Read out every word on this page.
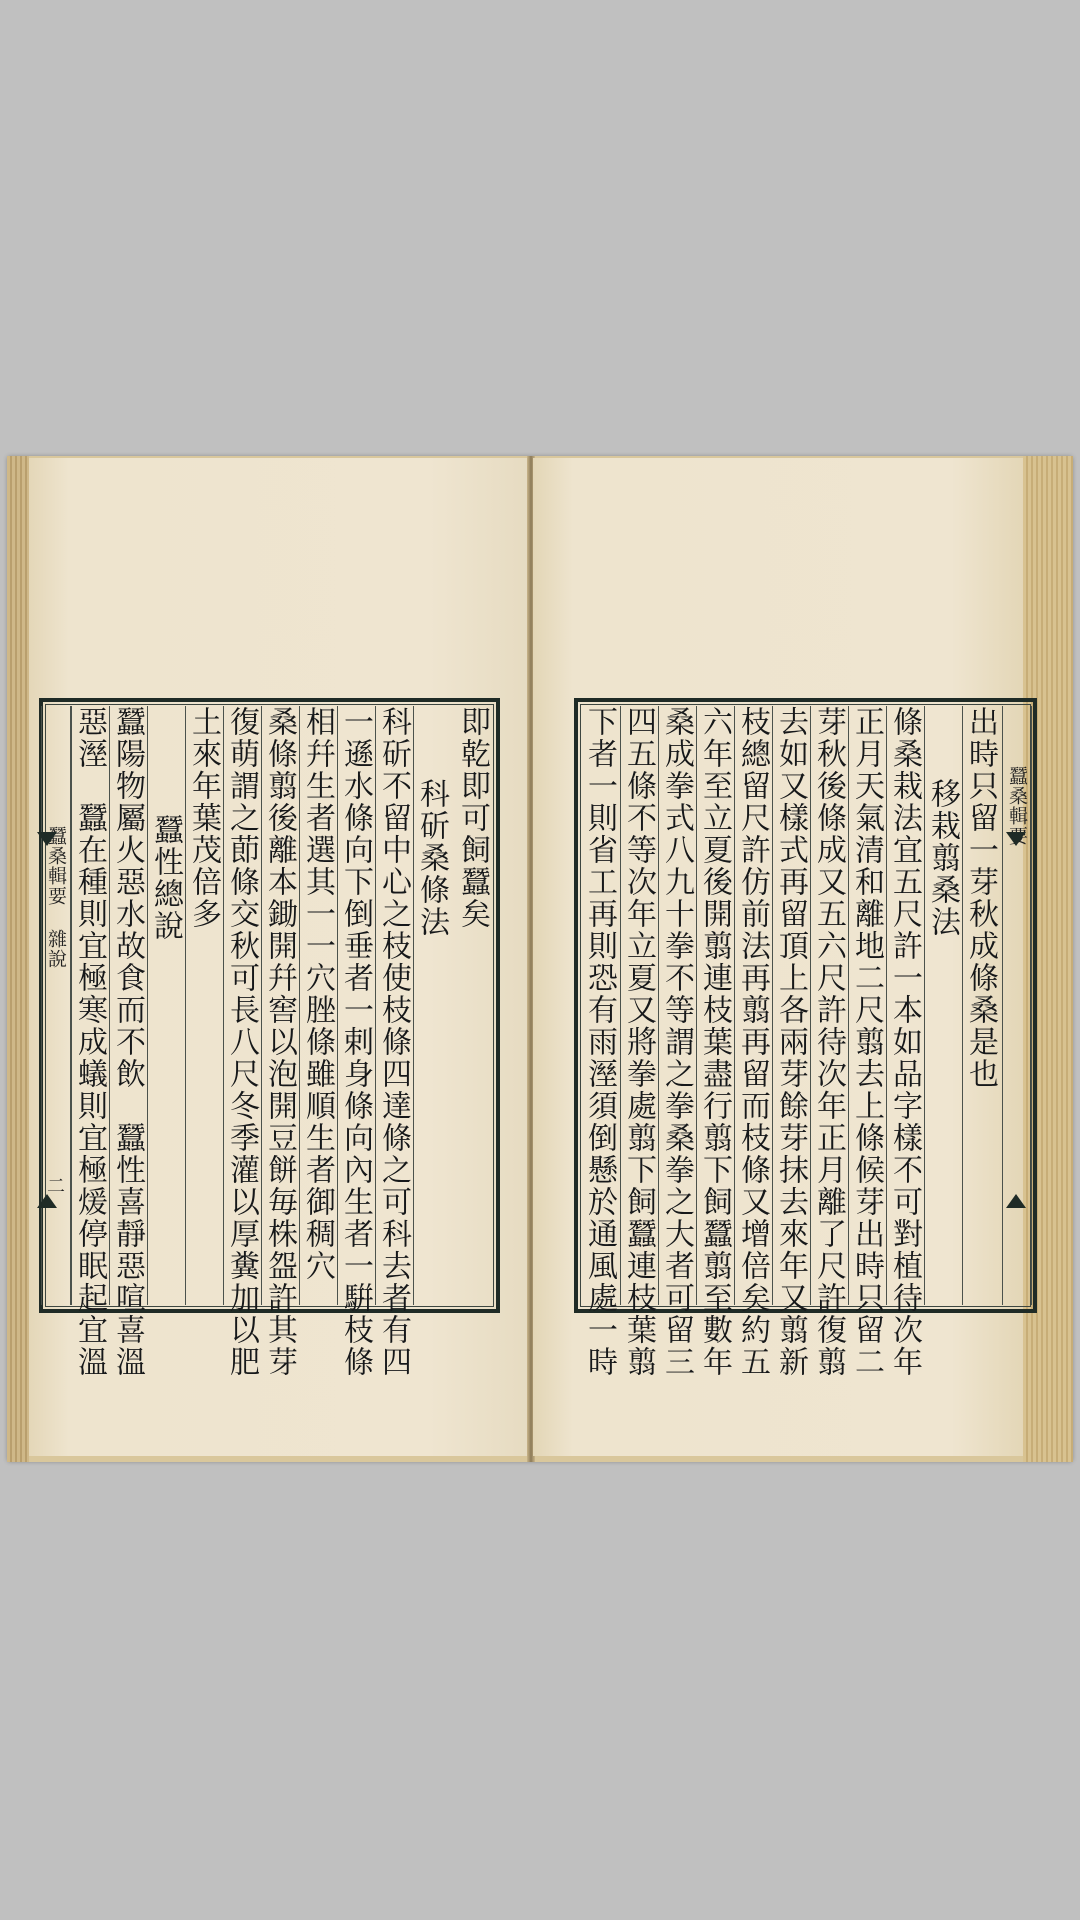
蠶桑輯要 雜說
二 惡溼　蠶在種則宜極寒成蟻則宜極煖停眠起宜溫 蠶陽物屬火惡水故食而不飲　蠶性喜靜惡喧喜溫 蠶性總說 土來年葉茂倍多 復萌謂之莭條交秋可長八尺冬季灌以厚糞加以肥 桑條翦後離本鋤開幷窖以泡開豆餅毎株盌許其芽 相幷生者選其一一穴脞條雖順生者御稠穴 一遜水條向下倒垂者一剌身條向內生者一騈枝條 科斫不留中心之枝使枝條四達條之可科去者有四 科斫桑條法 即乾即可飼蠶矣	下者一則省工再則恐有雨溼須倒懸於通風處一時 四五條不等次年立夏又將拳處翦下飼蠶連枝葉翦 桑成拳式八九十拳不等謂之拳桑拳之大者可留三 六年至立夏後開翦連枝葉盡行翦下飼蠶翦至數年 枝總留尺許仿前法再翦再留而枝條又增倍矣約五 去如又樣式再留頂上各兩芽餘芽抹去來年又翦新 芽秋後條成又五六尺許待次年正月離了尺許復翦 正月天氣清和離地二尺翦去上條候芽出時只留二 條桑栽法宜五尺許一本如品字樣不可對植待次年 移栽翦桑法 出時只留一芽秋成條桑是也 蠶桑輯要
